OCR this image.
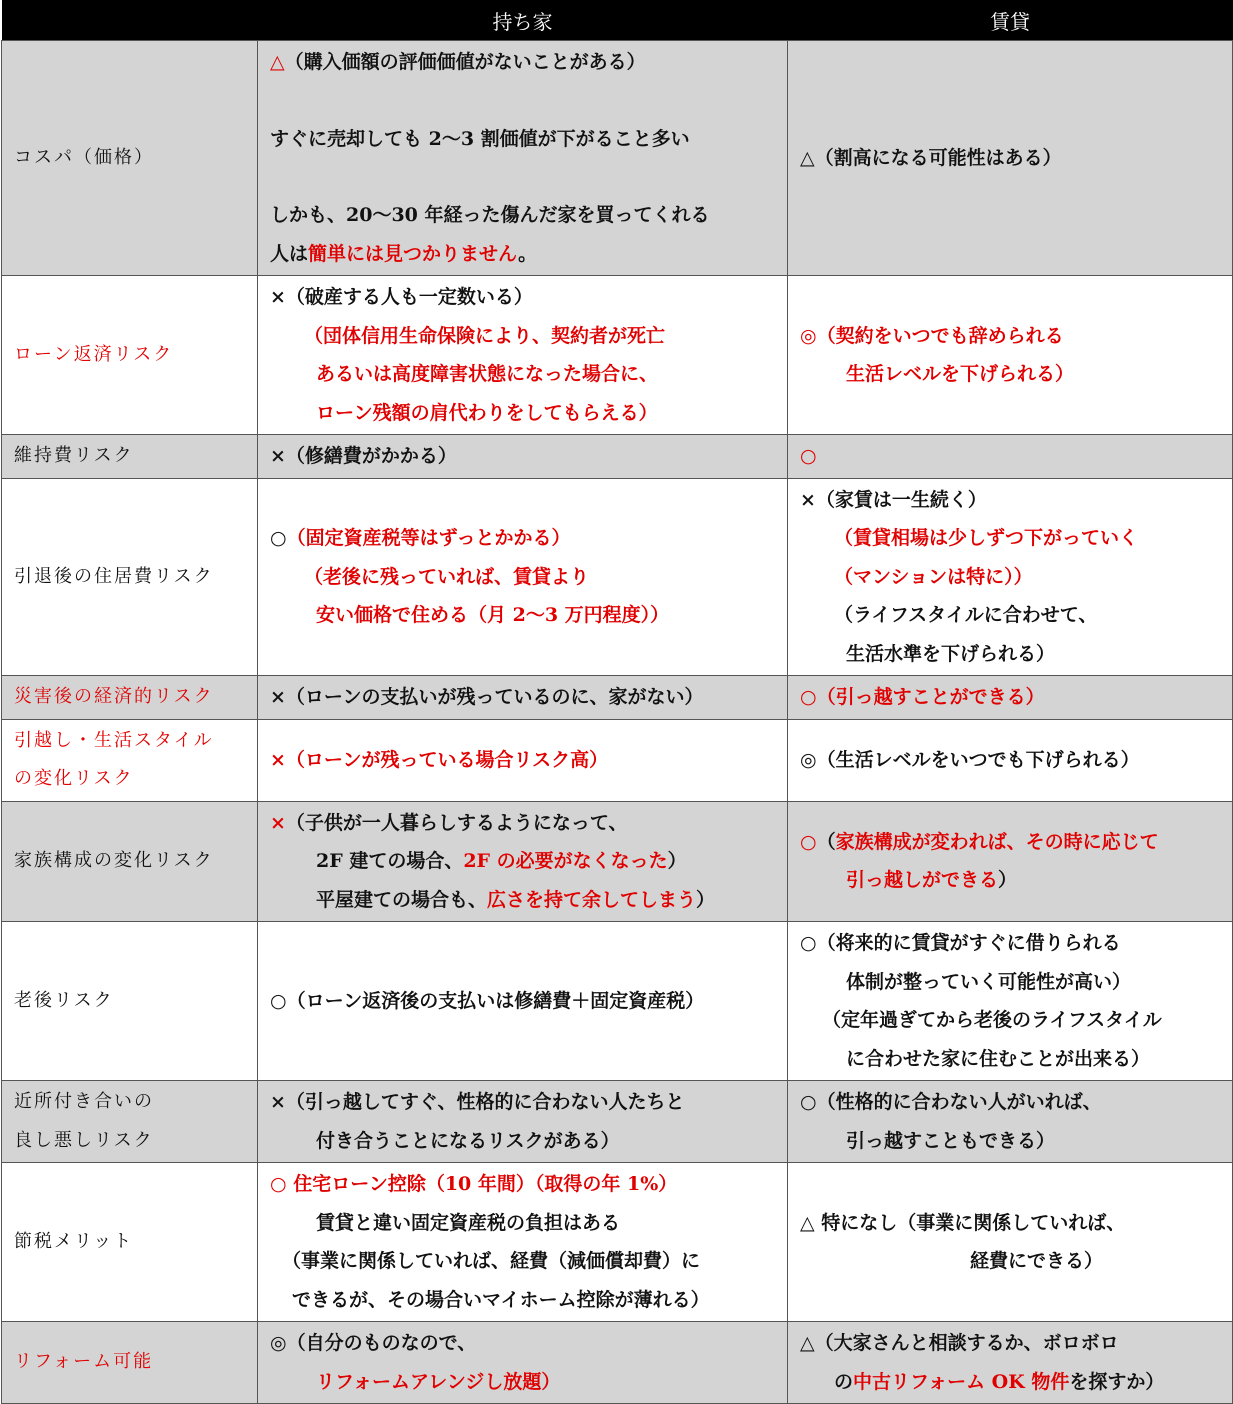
	持ち家	賃貸
コスパ（価格）	△（購入価額の評価価値がないことがある）
すぐに売却しても 2〜3 割価値が下がること多い
しかも、20〜30 年経った傷んだ家を買ってくれる
人は簡単には見つかりません。	△（割高になる可能性はある）

ローン返済リスク	×（破産する人も一定数いる）
（団体信用生命保険により、契約者が死亡
あるいは高度障害状態になった場合に、
ローン残額の肩代わりをしてもらえる）	◎（契約をいつでも辞められる
生活レベルを下げられる）

維持費リスク	×（修繕費がかかる）	○

引退後の住居費リスク	○（固定資産税等はずっとかかる）
（老後に残っていれば、賃貸より
安い価格で住める（月 2〜3 万円程度））	×（家賃は一生続く）
（賃貸相場は少しずつ下がっていく
（マンションは特に））
（ライフスタイルに合わせて、
生活水準を下げられる）

災害後の経済的リスク	×（ローンの支払いが残っているのに、家がない）	○（引っ越すことができる）

引越し・生活スタイル
の変化リスク	×（ローンが残っている場合リスク高）	◎（生活レベルをいつでも下げられる）

家族構成の変化リスク	×（子供が一人暮らしするようになって、
2F 建ての場合、2F の必要がなくなった）
平屋建ての場合も、広さを持て余してしまう）	○（家族構成が変われば、その時に応じて
引っ越しができる）

老後リスク	○（ローン返済後の支払いは修繕費＋固定資産税）	○（将来的に賃貸がすぐに借りられる
体制が整っていく可能性が高い）
（定年過ぎてから老後のライフスタイル
に合わせた家に住むことが出来る）

近所付き合いの
良し悪しリスク	×（引っ越してすぐ、性格的に合わない人たちと
付き合うことになるリスクがある）	○（性格的に合わない人がいれば、
引っ越すこともできる）

節税メリット	○ 住宅ローン控除（10 年間）（取得の年 1%）
賃貸と違い固定資産税の負担はある
（事業に関係していれば、経費（減価償却費）に
できるが、その場合いマイホーム控除が薄れる）	△ 特になし（事業に関係していれば、
経費にできる）

リフォーム可能	◎（自分のものなので、
リフォームアレンジし放題）	△（大家さんと相談するか、ボロボロ
の中古リフォーム OK 物件を探すか）
